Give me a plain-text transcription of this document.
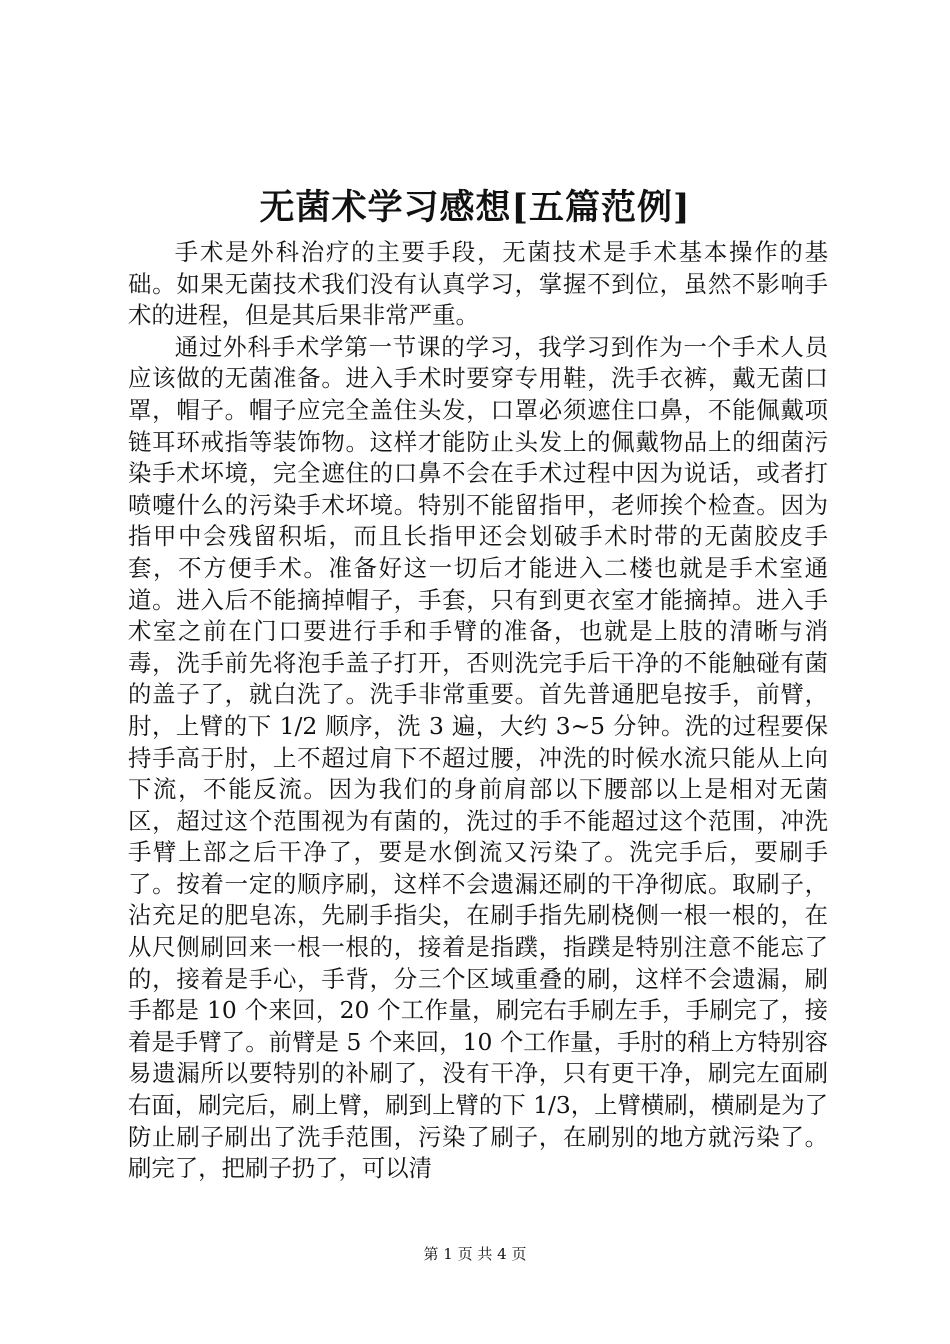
无菌术学习感想[五篇范例]

手术是外科治疗的主要手段，无菌技术是手术基本操作的基础。如果无菌技术我们没有认真学习，掌握不到位，虽然不影响手术的进程，但是其后果非常严重。

通过外科手术学第一节课的学习，我学习到作为一个手术人员应该做的无菌准备。进入手术时要穿专用鞋，洗手衣裤，戴无菌口罩，帽子。帽子应完全盖住头发，口罩必须遮住口鼻，不能佩戴项链耳环戒指等装饰物。这样才能防止头发上的佩戴物品上的细菌污染手术坏境，完全遮住的口鼻不会在手术过程中因为说话，或者打喷嚏什么的污染手术坏境。特别不能留指甲，老师挨个检查。因为指甲中会残留积垢，而且长指甲还会划破手术时带的无菌胶皮手套，不方便手术。准备好这一切后才能进入二楼也就是手术室通道。进入后不能摘掉帽子，手套，只有到更衣室才能摘掉。进入手术室之前在门口要进行手和手臂的准备，也就是上肢的清晰与消毒，洗手前先将泡手盖子打开，否则洗完手后干净的不能触碰有菌的盖子了，就白洗了。洗手非常重要。首先普通肥皂按手，前臂，肘，上臂的下 1/2 顺序，洗 3 遍，大约 3~5 分钟。洗的过程要保持手高于肘，上不超过肩下不超过腰，冲洗的时候水流只能从上向下流，不能反流。因为我们的身前肩部以下腰部以上是相对无菌区，超过这个范围视为有菌的，洗过的手不能超过这个范围，冲洗手臂上部之后干净了，要是水倒流又污染了。洗完手后，要刷手了。按着一定的顺序刷，这样不会遗漏还刷的干净彻底。取刷子，沾充足的肥皂冻，先刷手指尖，在刷手指先刷桡侧一根一根的，在从尺侧刷回来一根一根的，接着是指蹼，指蹼是特别注意不能忘了的，接着是手心，手背，分三个区域重叠的刷，这样不会遗漏，刷手都是 10 个来回，20 个工作量，刷完右手刷左手，手刷完了，接着是手臂了。前臂是 5 个来回，10 个工作量，手肘的稍上方特别容易遗漏所以要特别的补刷了，没有干净，只有更干净，刷完左面刷右面，刷完后，刷上臂，刷到上臂的下 1/3，上臂横刷，横刷是为了防止刷子刷出了洗手范围，污染了刷子，在刷别的地方就污染了。刷完了，把刷子扔了，可以清

第 1 页 共 4 页
